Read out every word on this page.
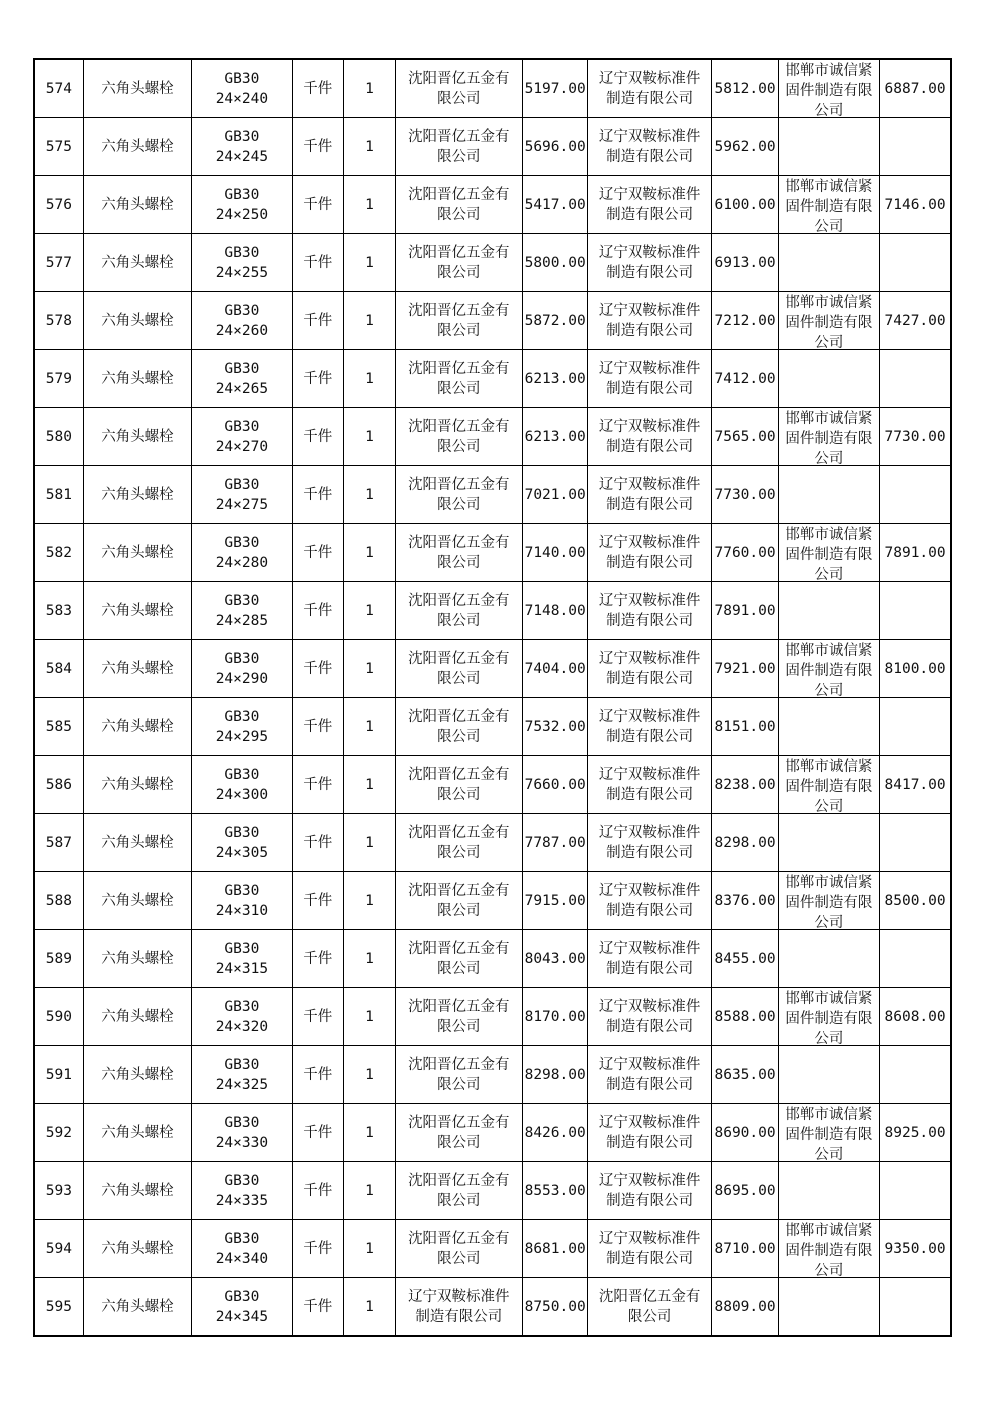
574	六角头螺栓	GB30
24×240	千件	1	沈阳晋亿五金有
限公司	5197.00	辽宁双鞍标准件
制造有限公司	5812.00	邯郸市诚信紧
固件制造有限
公司	6887.00
575	六角头螺栓	GB30
24×245	千件	1	沈阳晋亿五金有
限公司	5696.00	辽宁双鞍标准件
制造有限公司	5962.00	

576	六角头螺栓	GB30
24×250	千件	1	沈阳晋亿五金有
限公司	5417.00	辽宁双鞍标准件
制造有限公司	6100.00	邯郸市诚信紧
固件制造有限
公司	7146.00
577	六角头螺栓	GB30
24×255	千件	1	沈阳晋亿五金有
限公司	5800.00	辽宁双鞍标准件
制造有限公司	6913.00	

578	六角头螺栓	GB30
24×260	千件	1	沈阳晋亿五金有
限公司	5872.00	辽宁双鞍标准件
制造有限公司	7212.00	邯郸市诚信紧
固件制造有限
公司	7427.00
579	六角头螺栓	GB30
24×265	千件	1	沈阳晋亿五金有
限公司	6213.00	辽宁双鞍标准件
制造有限公司	7412.00	

580	六角头螺栓	GB30
24×270	千件	1	沈阳晋亿五金有
限公司	6213.00	辽宁双鞍标准件
制造有限公司	7565.00	邯郸市诚信紧
固件制造有限
公司	7730.00
581	六角头螺栓	GB30
24×275	千件	1	沈阳晋亿五金有
限公司	7021.00	辽宁双鞍标准件
制造有限公司	7730.00	

582	六角头螺栓	GB30
24×280	千件	1	沈阳晋亿五金有
限公司	7140.00	辽宁双鞍标准件
制造有限公司	7760.00	邯郸市诚信紧
固件制造有限
公司	7891.00
583	六角头螺栓	GB30
24×285	千件	1	沈阳晋亿五金有
限公司	7148.00	辽宁双鞍标准件
制造有限公司	7891.00	

584	六角头螺栓	GB30
24×290	千件	1	沈阳晋亿五金有
限公司	7404.00	辽宁双鞍标准件
制造有限公司	7921.00	邯郸市诚信紧
固件制造有限
公司	8100.00
585	六角头螺栓	GB30
24×295	千件	1	沈阳晋亿五金有
限公司	7532.00	辽宁双鞍标准件
制造有限公司	8151.00	

586	六角头螺栓	GB30
24×300	千件	1	沈阳晋亿五金有
限公司	7660.00	辽宁双鞍标准件
制造有限公司	8238.00	邯郸市诚信紧
固件制造有限
公司	8417.00
587	六角头螺栓	GB30
24×305	千件	1	沈阳晋亿五金有
限公司	7787.00	辽宁双鞍标准件
制造有限公司	8298.00	

588	六角头螺栓	GB30
24×310	千件	1	沈阳晋亿五金有
限公司	7915.00	辽宁双鞍标准件
制造有限公司	8376.00	邯郸市诚信紧
固件制造有限
公司	8500.00
589	六角头螺栓	GB30
24×315	千件	1	沈阳晋亿五金有
限公司	8043.00	辽宁双鞍标准件
制造有限公司	8455.00	

590	六角头螺栓	GB30
24×320	千件	1	沈阳晋亿五金有
限公司	8170.00	辽宁双鞍标准件
制造有限公司	8588.00	邯郸市诚信紧
固件制造有限
公司	8608.00
591	六角头螺栓	GB30
24×325	千件	1	沈阳晋亿五金有
限公司	8298.00	辽宁双鞍标准件
制造有限公司	8635.00	

592	六角头螺栓	GB30
24×330	千件	1	沈阳晋亿五金有
限公司	8426.00	辽宁双鞍标准件
制造有限公司	8690.00	邯郸市诚信紧
固件制造有限
公司	8925.00
593	六角头螺栓	GB30
24×335	千件	1	沈阳晋亿五金有
限公司	8553.00	辽宁双鞍标准件
制造有限公司	8695.00	

594	六角头螺栓	GB30
24×340	千件	1	沈阳晋亿五金有
限公司	8681.00	辽宁双鞍标准件
制造有限公司	8710.00	邯郸市诚信紧
固件制造有限
公司	9350.00
595	六角头螺栓	GB30
24×345	千件	1	辽宁双鞍标准件
制造有限公司	8750.00	沈阳晋亿五金有
限公司	8809.00	
